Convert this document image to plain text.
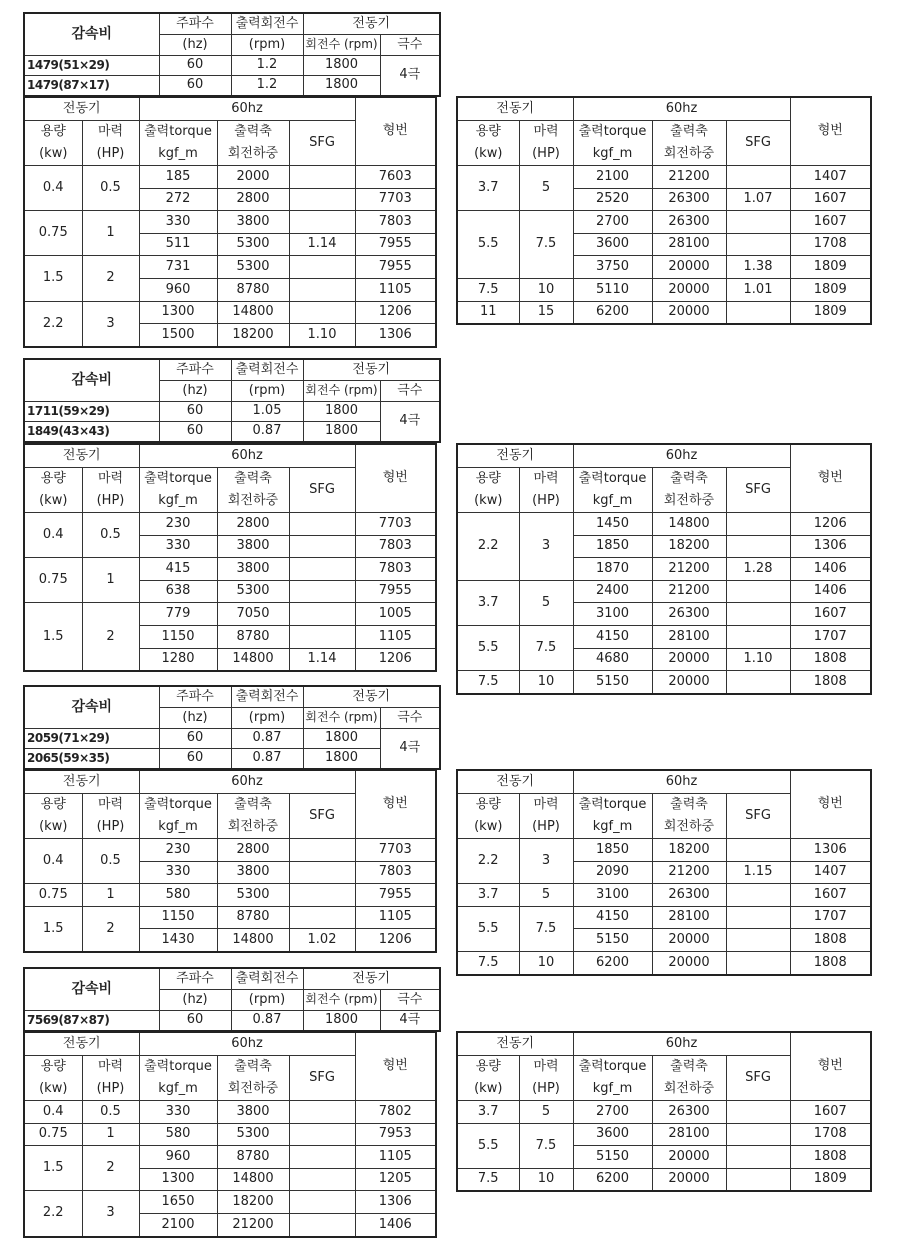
감속비	주파수	출력회전수	전동기	
	(hz)	(rpm)	회전수 (rpm)	극수
1479(51×29)	60	1.2	1800	4극
1479(87×17)	60	1.2	1800	
전동기		60hz			형번
용량	마력	출력torque	출력축	SFG	
(kw)	(HP)	kgf_m	회전하중		
0.4	0.5	185	2000		7603
		272	2800		7703
0.75	1	330	3800		7803
		511	5300	1.14	7955
1.5	2	731	5300		7955
		960	8780		1105
2.2	3	1300	14800		1206
		1500	18200	1.10	1306
전동기		60hz			형번
용량	마력	출력torque	출력축	SFG	
(kw)	(HP)	kgf_m	회전하중		
3.7	5	2100	21200		1407
		2520	26300	1.07	1607
5.5	7.5	2700	26300		1607
		3600	28100		1708
		3750	20000	1.38	1809
7.5	10	5110	20000	1.01	1809
11	15	6200	20000		1809
감속비	주파수	출력회전수	전동기	
	(hz)	(rpm)	회전수 (rpm)	극수
1711(59×29)	60	1.05	1800	4극
1849(43×43)	60	0.87	1800	
전동기		60hz			형번
용량	마력	출력torque	출력축	SFG	
(kw)	(HP)	kgf_m	회전하중		
0.4	0.5	230	2800		7703
		330	3800		7803
0.75	1	415	3800		7803
		638	5300		7955
1.5	2	779	7050		1005
		1150	8780		1105
		1280	14800	1.14	1206
전동기		60hz			형번
용량	마력	출력torque	출력축	SFG	
(kw)	(HP)	kgf_m	회전하중		
2.2	3	1450	14800		1206
		1850	18200		1306
		1870	21200	1.28	1406
3.7	5	2400	21200		1406
		3100	26300		1607
5.5	7.5	4150	28100		1707
		4680	20000	1.10	1808
7.5	10	5150	20000		1808
감속비	주파수	출력회전수	전동기	
	(hz)	(rpm)	회전수 (rpm)	극수
2059(71×29)	60	0.87	1800	4극
2065(59×35)	60	0.87	1800	
전동기		60hz			형번
용량	마력	출력torque	출력축	SFG	
(kw)	(HP)	kgf_m	회전하중		
0.4	0.5	230	2800		7703
		330	3800		7803
0.75	1	580	5300		7955
1.5	2	1150	8780		1105
		1430	14800	1.02	1206
전동기		60hz			형번
용량	마력	출력torque	출력축	SFG	
(kw)	(HP)	kgf_m	회전하중		
2.2	3	1850	18200		1306
		2090	21200	1.15	1407
3.7	5	3100	26300		1607
5.5	7.5	4150	28100		1707
		5150	20000		1808
7.5	10	6200	20000		1808
감속비	주파수	출력회전수	전동기	
	(hz)	(rpm)	회전수 (rpm)	극수
7569(87×87)	60	0.87	1800	4극
전동기		60hz			형번
용량	마력	출력torque	출력축	SFG	
(kw)	(HP)	kgf_m	회전하중		
0.4	0.5	330	3800		7802
0.75	1	580	5300		7953
1.5	2	960	8780		1105
		1300	14800		1205
2.2	3	1650	18200		1306
		2100	21200		1406
전동기		60hz			형번
용량	마력	출력torque	출력축	SFG	
(kw)	(HP)	kgf_m	회전하중		
3.7	5	2700	26300		1607
5.5	7.5	3600	28100		1708
		5150	20000		1808
7.5	10	6200	20000		1809
